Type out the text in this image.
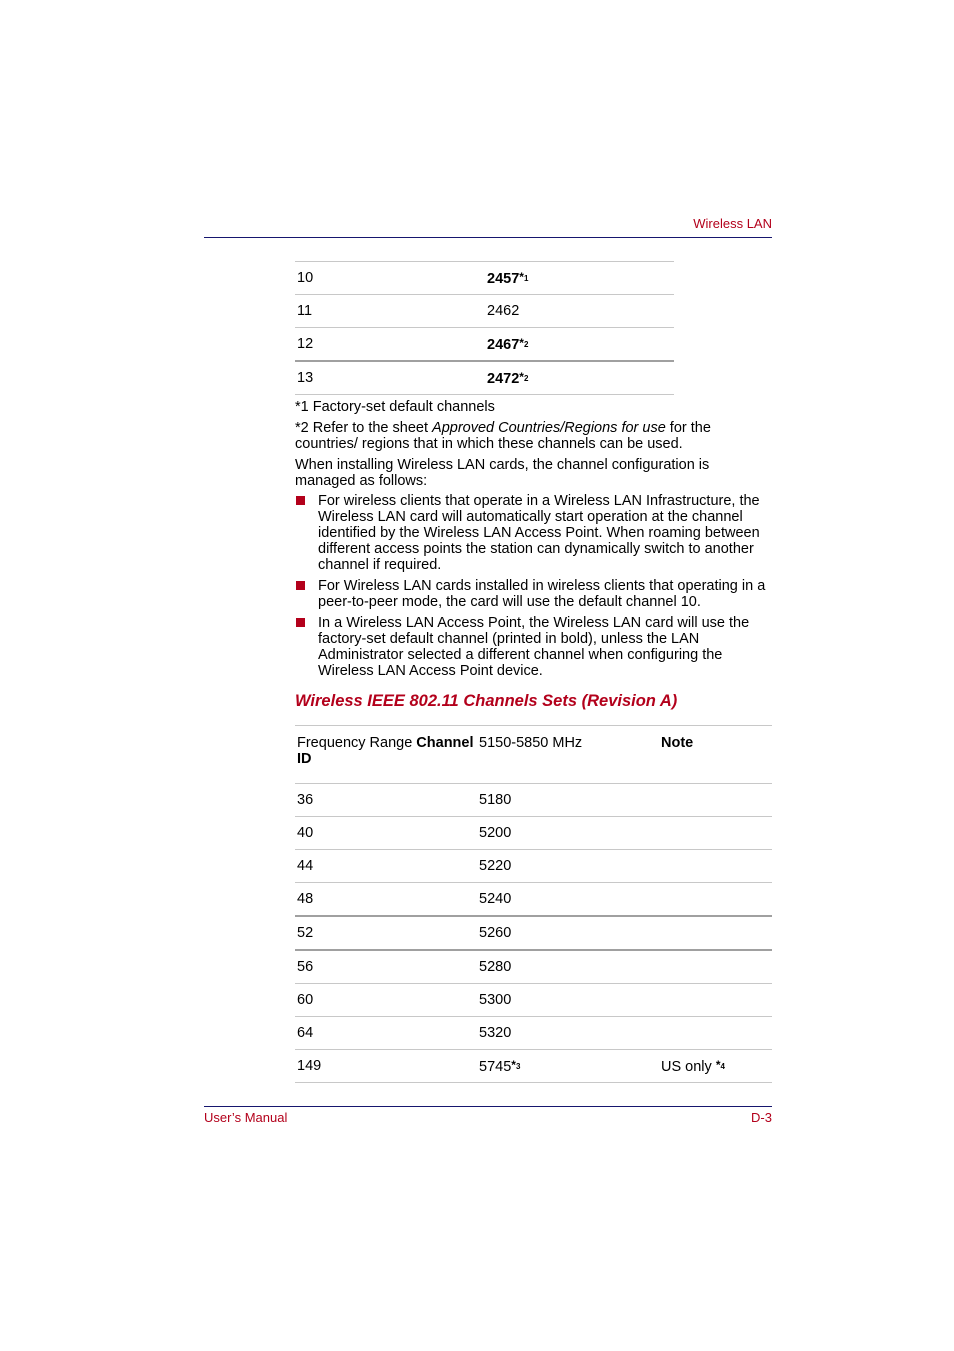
Wireless LAN
10	2457$^{*1}$
11	2462
12	2467$^{*2}$
13	2472$^{*2}$

*1 Factory-set default channels

*2 Refer to the sheet Approved Countries/Regions for use for the countries/ regions that in which these channels can be used.

When installing Wireless LAN cards, the channel configuration is managed as follows:

For wireless clients that operate in a Wireless LAN Infrastructure, the Wireless LAN card will automatically start operation at the channel identified by the Wireless LAN Access Point. When roaming between different access points the station can dynamically switch to another channel if required.
For Wireless LAN cards installed in wireless clients that operating in a peer-to-peer mode, the card will use the default channel 10.
In a Wireless LAN Access Point, the Wireless LAN card will use the factory-set default channel (printed in bold), unless the LAN Administrator selected a different channel when configuring the Wireless LAN Access Point device.
Wireless IEEE 802.11 Channels Sets (Revision A)
Frequency Range Channel ID	5150-5850 MHz	Note
36	5180	
40	5200	
44	5220	
48	5240	
52	5260	
56	5280	
60	5300	
64	5320	
149	5745$^{*3}$	US only $^{*4}$
User’s Manual	D-3
